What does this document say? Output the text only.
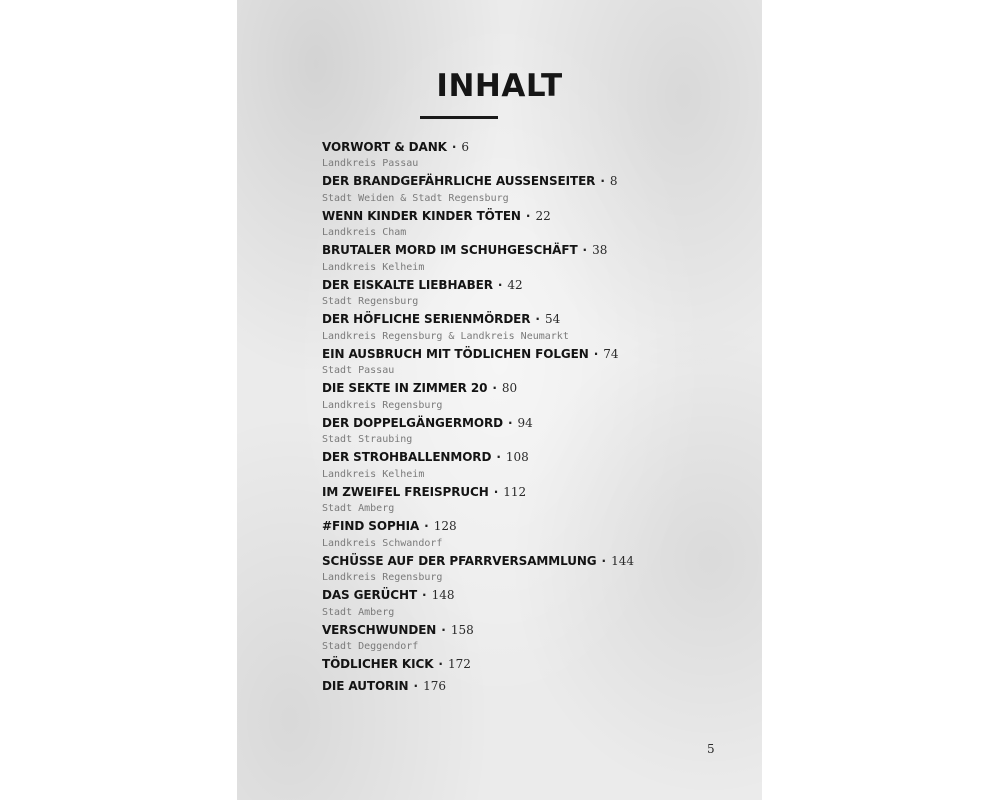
INHALT
VORWORT & DANK · 6
Landkreis Passau
DER BRANDGEFÄHRLICHE AUSSENSEITER · 8
Stadt Weiden & Stadt Regensburg
WENN KINDER KINDER TÖTEN · 22
Landkreis Cham
BRUTALER MORD IM SCHUHGESCHÄFT · 38
Landkreis Kelheim
DER EISKALTE LIEBHABER · 42
Stadt Regensburg
DER HÖFLICHE SERIENMÖRDER · 54
Landkreis Regensburg & Landkreis Neumarkt
EIN AUSBRUCH MIT TÖDLICHEN FOLGEN · 74
Stadt Passau
DIE SEKTE IN ZIMMER 20 · 80
Landkreis Regensburg
DER DOPPELGÄNGERMORD · 94
Stadt Straubing
DER STROHBALLENMORD · 108
Landkreis Kelheim
IM ZWEIFEL FREISPRUCH · 112
Stadt Amberg
#FIND SOPHIA · 128
Landkreis Schwandorf
SCHÜSSE AUF DER PFARRVERSAMMLUNG · 144
Landkreis Regensburg
DAS GERÜCHT · 148
Stadt Amberg
VERSCHWUNDEN · 158
Stadt Deggendorf
TÖDLICHER KICK · 172
DIE AUTORIN · 176
5
